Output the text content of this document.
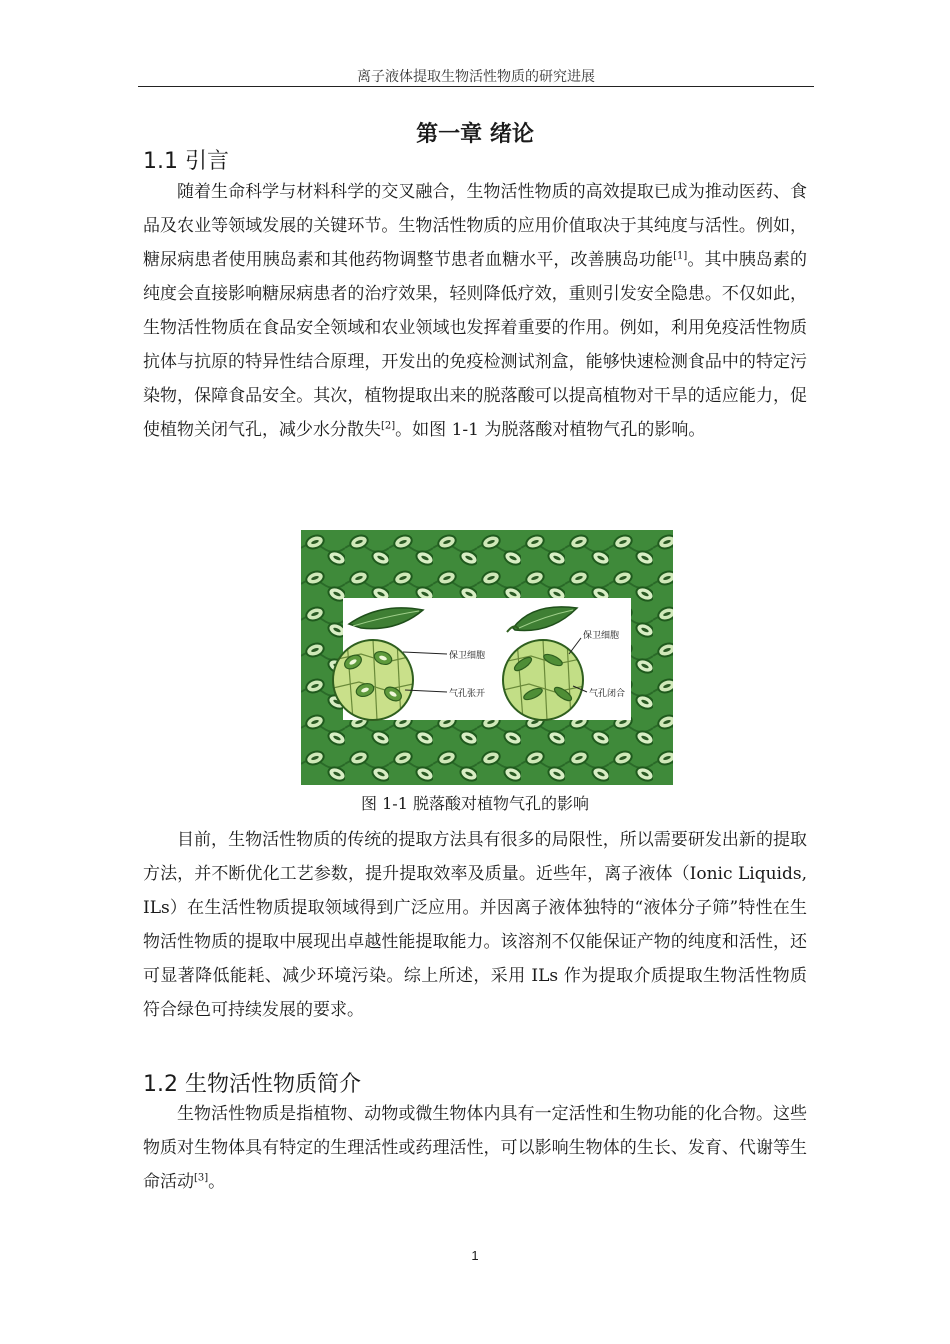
离子液体提取生物活性物质的研究进展
第一章 绪论
1.1 引言

随着生命科学与材料科学的交叉融合，生物活性物质的高效提取已成为推动医药、食品及农业等领域发展的关键环节。生物活性物质的应用价值取决于其纯度与活性。例如，糖尿病患者使用胰岛素和其他药物调整节患者血糖水平，改善胰岛功能[1]。其中胰岛素的纯度会直接影响糖尿病患者的治疗效果，轻则降低疗效，重则引发安全隐患。不仅如此，生物活性物质在食品安全领域和农业领域也发挥着重要的作用。例如，利用免疫活性物质抗体与抗原的特异性结合原理，开发出的免疫检测试剂盒，能够快速检测食品中的特定污染物，保障食品安全。其次，植物提取出来的脱落酸可以提高植物对干旱的适应能力，促使植物关闭气孔，减少水分散失[2]。如图 1-1 为脱落酸对植物气孔的影响。

保卫细胞
气孔张开
保卫细胞
气孔闭合
图 1-1 脱落酸对植物气孔的影响

目前，生物活性物质的传统的提取方法具有很多的局限性，所以需要研发出新的提取方法，并不断优化工艺参数，提升提取效率及质量。近些年，离子液体（Ionic Liquids, ILs）在生活性物质提取领域得到广泛应用。并因离子液体独特的“液体分子筛”特性在生物活性物质的提取中展现出卓越性能提取能力。该溶剂不仅能保证产物的纯度和活性，还可显著降低能耗、减少环境污染。综上所述，采用 ILs 作为提取介质提取生物活性物质符合绿色可持续发展的要求。

1.2 生物活性物质简介

生物活性物质是指植物、动物或微生物体内具有一定活性和生物功能的化合物。这些物质对生物体具有特定的生理活性或药理活性，可以影响生物体的生长、发育、代谢等生命活动[3]。

1
